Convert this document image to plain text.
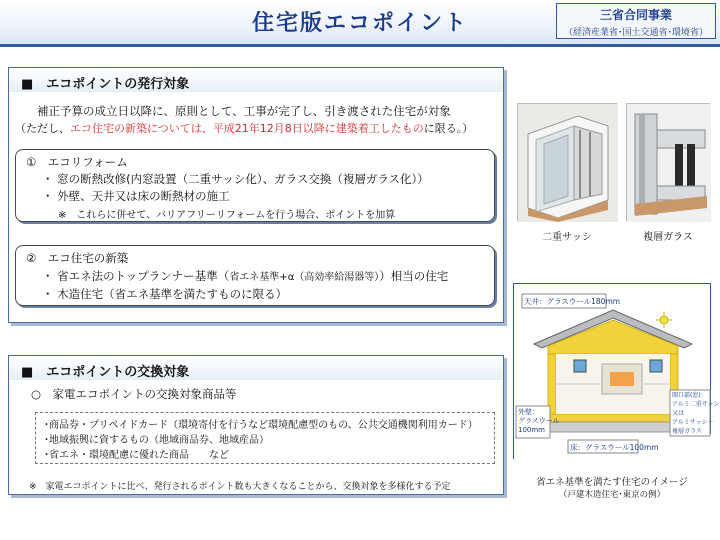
住宅版エコポイント	三省合同事業
（経済産業省･国土交通省･環境省）
■　エコポイントの発行対象
補正予算の成立日以降に、原則として、工事が完了し、引き渡された住宅が対象
（ただし、エコ住宅の新築については、平成21年12月8日以降に建築着工したものに限る。）
①　エコリフォーム
・ 窓の断熱改修(内窓設置（二重サッシ化）、ガラス交換（複層ガラス化））
・ 外壁、天井又は床の断熱材の施工
※　これらに併せて、バリアフリーリフォームを行う場合、ポイントを加算
②　エコ住宅の新築
・ 省エネ法のトップランナー基準（省エネ基準+α（高効率給湯器等））相当の住宅
・ 木造住宅（省エネ基準を満たすものに限る）
■　エコポイントの交換対象
○　家電エコポイントの交換対象商品等
･商品券・プリペイドカード（環境寄付を行うなど環境配慮型のもの、公共交通機関利用カード）
･地域振興に資するもの（地域商品券、地域産品）
･省エネ・環境配慮に優れた商品　　など
※　家電エコポイントに比べ、発行されるポイント数も大きくなることから、交換対象を多様化する予定
二重サッシ	複層ガラス
天井：グラスウール180mm
外壁：
グラスウール
100mm
床：グラスウール100mm
開口部(窓)：
アルミ二重サッシ
又は
アルミサッシ＋
複層ガラス
省エネ基準を満たす住宅のイメージ
（戸建木造住宅･東京の例）
